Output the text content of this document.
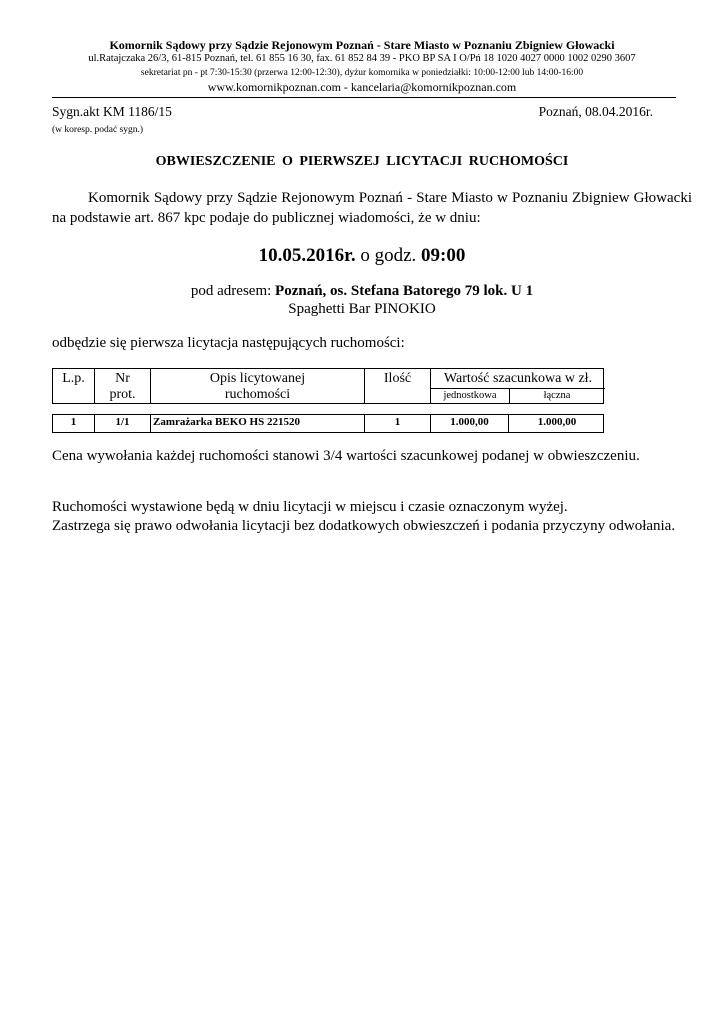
Komornik Sądowy przy Sądzie Rejonowym Poznań - Stare Miasto w Poznaniu Zbigniew Głowacki
ul.Ratajczaka 26/3, 61-815 Poznań, tel. 61 855 16 30, fax. 61 852 84 39 - PKO BP SA I O/Pń 18 1020 4027 0000 1002 0290 3607
sekretariat pn - pt 7:30-15:30 (przerwa 12:00-12:30), dyżur komornika w poniedziałki: 10:00-12:00 lub 14:00-16:00
www.komornikpoznan.com - kancelaria@komornikpoznan.com
Sygn.akt KM 1186/15	Poznań, 08.04.2016r.
(w koresp. podać sygn.)
OBWIESZCZENIE O PIERWSZEJ LICYTACJI RUCHOMOŚCI
Komornik Sądowy przy Sądzie Rejonowym Poznań - Stare Miasto w Poznaniu Zbigniew Głowacki na podstawie art. 867 kpc podaje do publicznej wiadomości, że w dniu:
10.05.2016r. o godz. 09:00
pod adresem: Poznań, os. Stefana Batorego 79 lok. U 1
Spaghetti Bar PINOKIO
odbędzie się pierwsza licytacja następujących ruchomości:
L.p.	Nr
prot.
Opis licytowanej
ruchomości
Ilość	Wartość szacunkowa w zł.
jednostkowa	łączna
1	1/1	Zamrażarka BEKO HS 221520	1	1.000,00	1.000,00
Cena wywołania każdej ruchomości stanowi 3/4 wartości szacunkowej podanej w obwieszczeniu.
Ruchomości wystawione będą w dniu licytacji w miejscu i czasie oznaczonym wyżej.
Zastrzega się prawo odwołania licytacji bez dodatkowych obwieszczeń i podania przyczyny odwołania.
